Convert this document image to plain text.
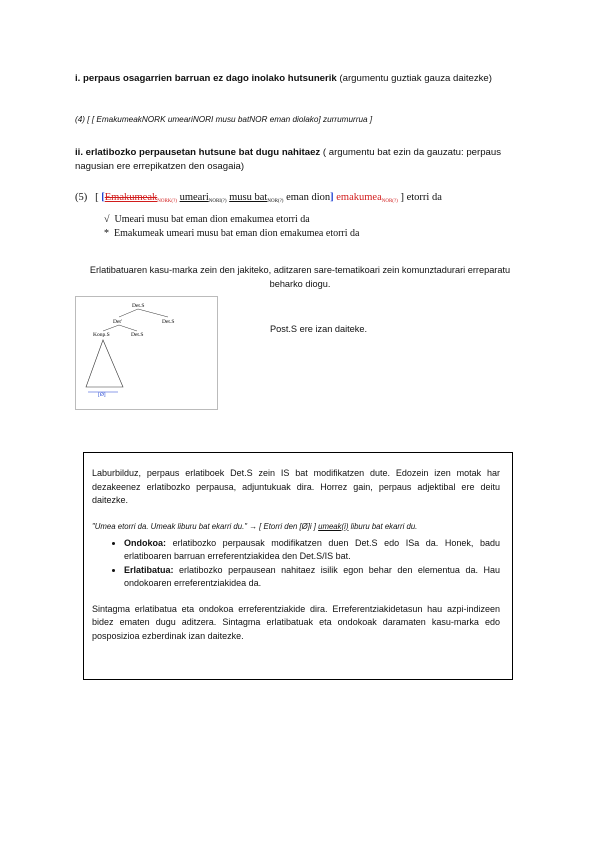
i. perpaus osagarrien barruan ez dago inolako hutsunerik (argumentu guztiak gauza daitezke)
(4) [ [ EmakumeakNORK umeariNORI musu batNOR eman diolako] zurrumurrua ]
ii. erlatibozko perpausetan hutsune bat dugu nahitaez ( argumentu bat ezin da gauzatu: perpaus nagusian ere errepikatzen den osagaia)
(5) [ [Emakumeak$_{NORK(?)}$ umeari$_{NORI(?)}$ musu bat$_{NOR(?)}$ eman dion] emakumea$_{NOR(?)}$ ] etorri da
√ Umeari musu bat eman dion emakumea etorri da
* Emakumeak umeari musu bat eman dion emakumea etorri da
Erlatibatuaren kasu-marka zein den jakiteko, aditzaren sare-tematikoari zein komunztadurari erreparatu beharko diogu.
Det.S
Det'	Det.S
Konp.S	Det.S
[Ø]
Post.S ere izan daiteke.
Laburbilduz, perpaus erlatiboek Det.S zein IS bat modifikatzen dute. Edozein izen motak har dezakeenez erlatibozko perpausa, adjuntukuak dira. Horrez gain, perpaus adjektibal ere deitu daitezke.
"Umea etorri da. Umeak liburu bat ekarri du." → [ Etorri den [Ø]i ] umeak(i) liburu bat ekarri du.
• Ondokoa: erlatibozko perpausak modifikatzen duen Det.S edo ISa da. Honek, badu erlatiboaren barruan erreferentziakidea den Det.S/IS bat.
• Erlatibatua: erlatibozko perpausean nahitaez isilik egon behar den elementua da. Hau ondokoaren erreferentziakidea da.
Sintagma erlatibatua eta ondokoa erreferentziakide dira. Erreferentziakidetasun hau azpi-indizeen bidez ematen dugu aditzera. Sintagma erlatibatuak eta ondokoak daramaten kasu-marka edo posposizioa ezberdinak izan daitezke.
